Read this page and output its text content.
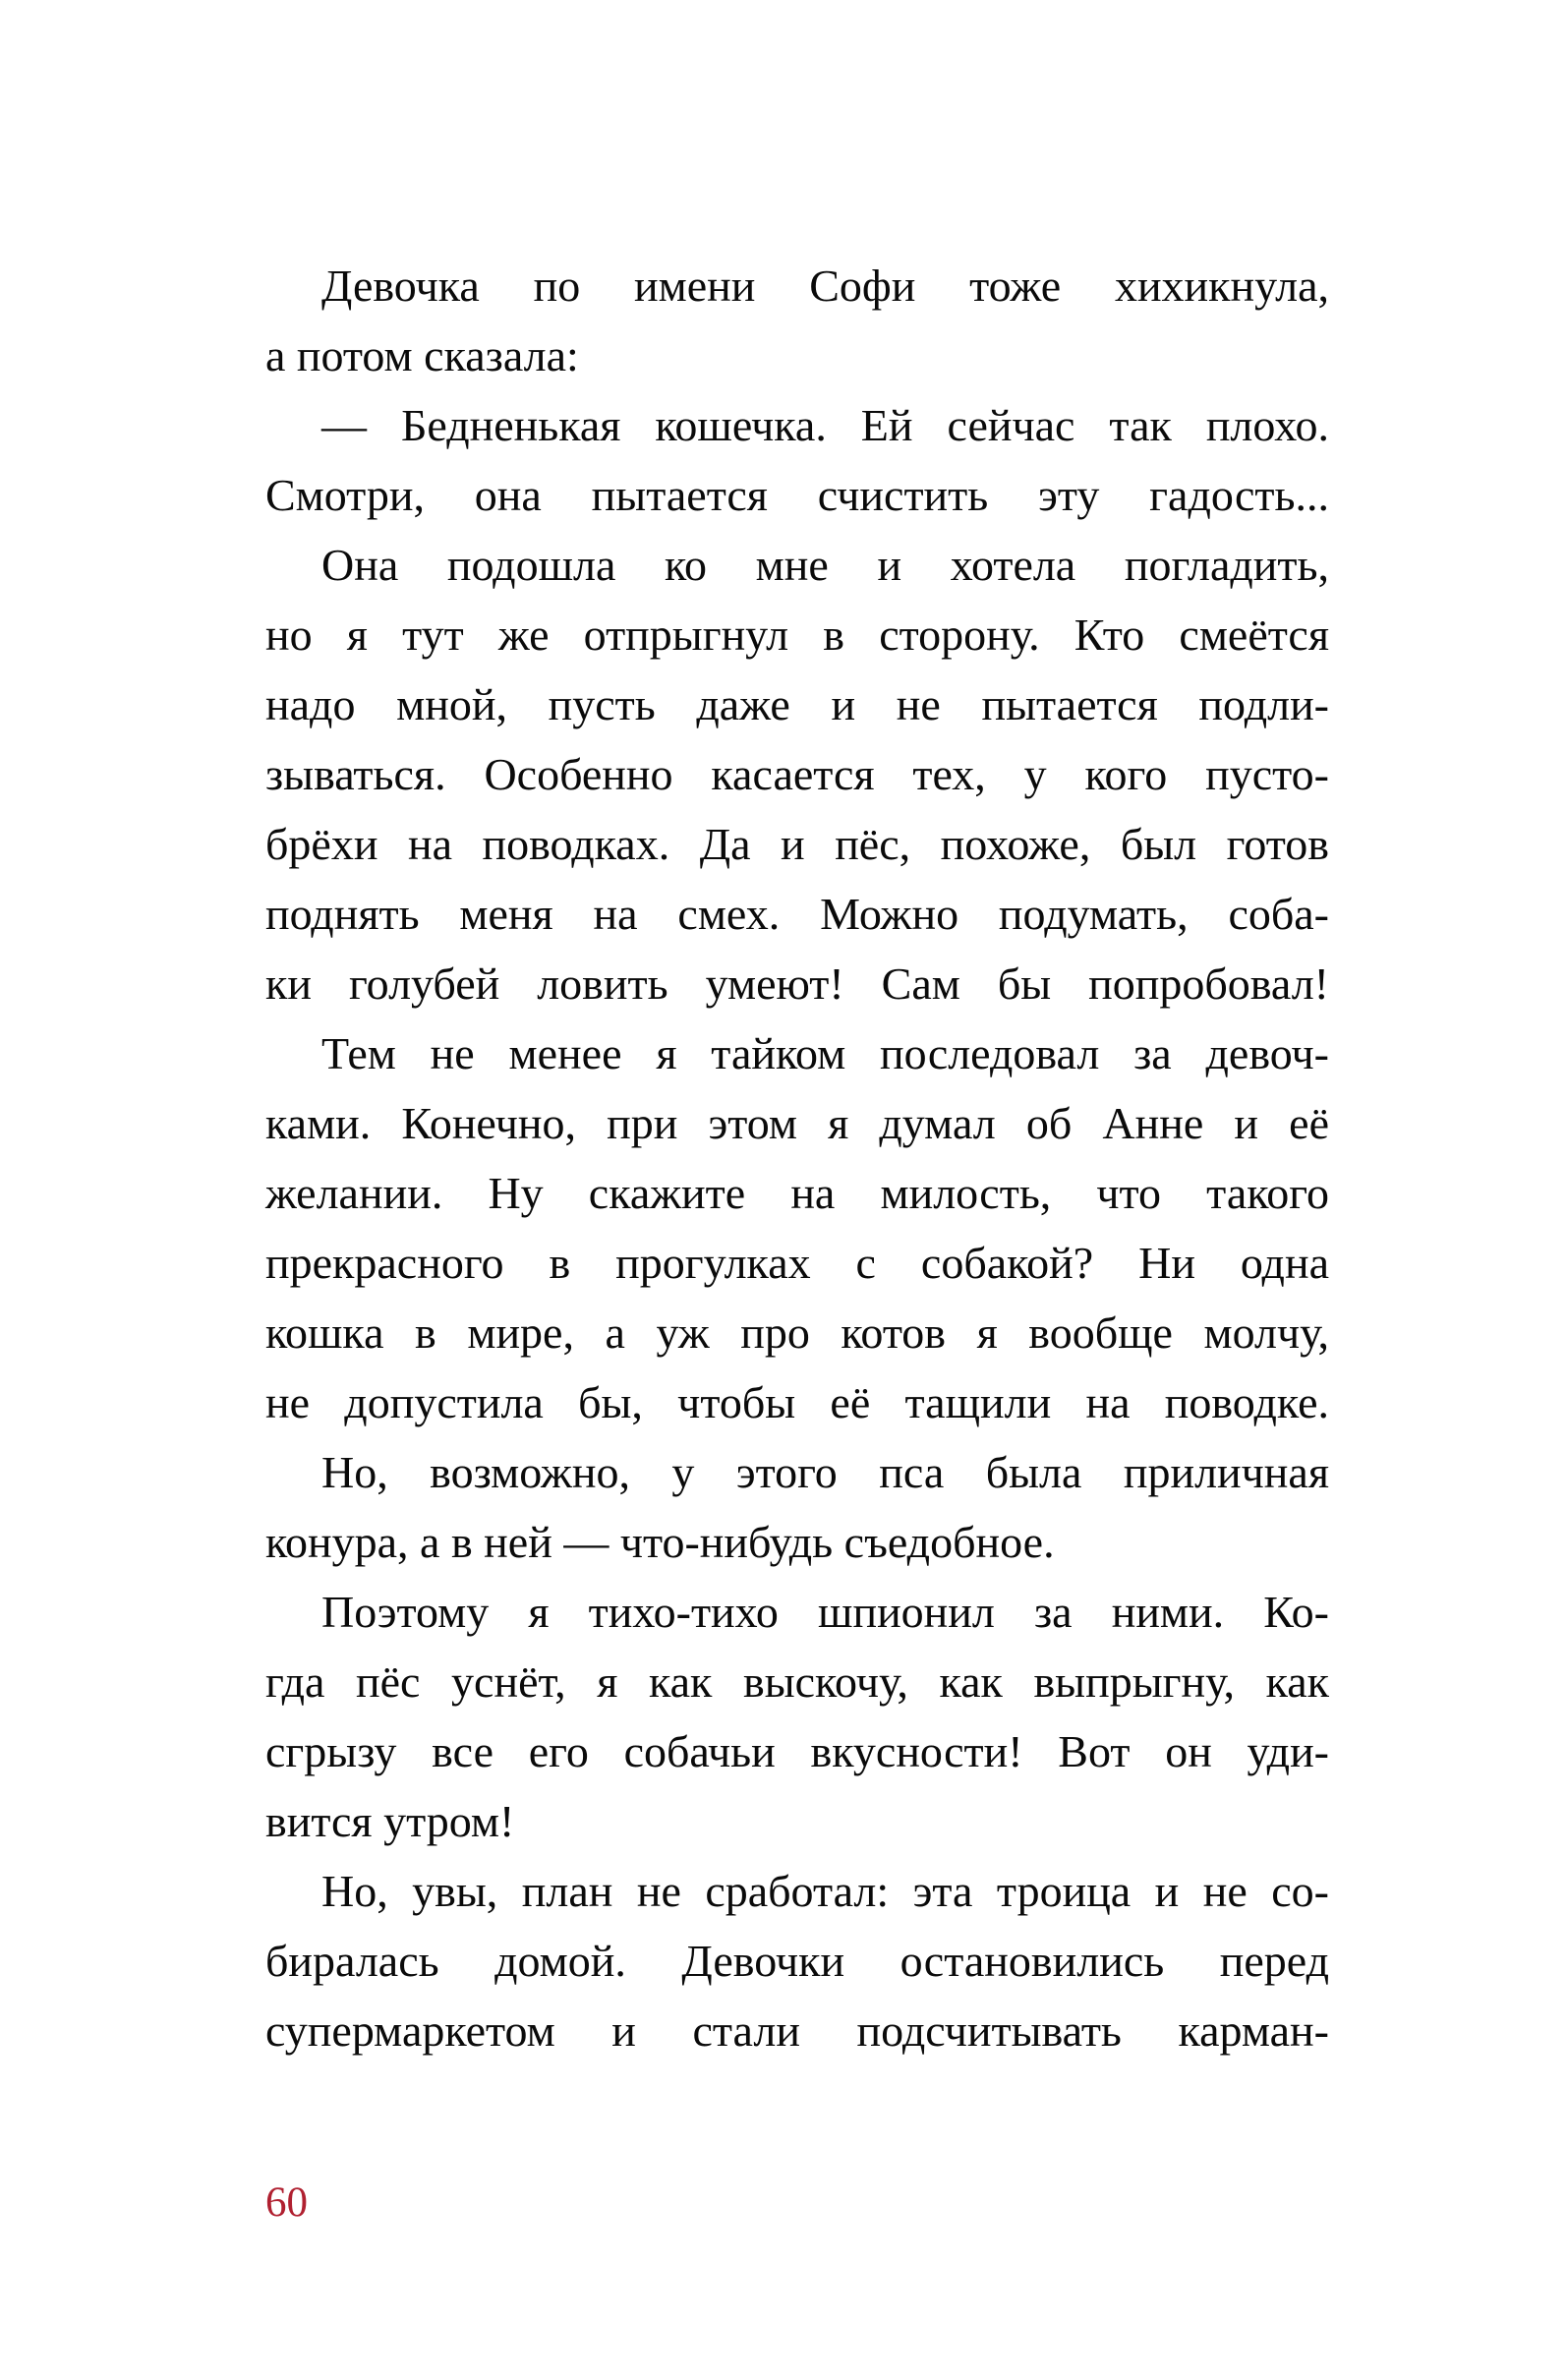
Девочка по имени Софи тоже хихикнула,

а потом сказала:

— Бедненькая кошечка. Ей сейчас так плохо.

Смотри, она пытается счистить эту гадость...

Она подошла ко мне и хотела погладить,

но я тут же отпрыгнул в сторону. Кто смеётся

надо мной, пусть даже и не пытается подли-

зываться. Особенно касается тех, у кого пусто-

брёхи на поводках. Да и пёс, похоже, был готов

поднять меня на смех. Можно подумать, соба-

ки голубей ловить умеют! Сам бы попробовал!

Тем не менее я тайком последовал за девоч-

ками. Конечно, при этом я думал об Анне и её

желании. Ну скажите на милость, что такого

прекрасного в прогулках с собакой? Ни одна

кошка в мире, а уж про котов я вообще молчу,

не допустила бы, чтобы её тащили на поводке.

Но, возможно, у этого пса была приличная

конура, а в ней — что-нибудь съедобное.

Поэтому я тихо-тихо шпионил за ними. Ко-

гда пёс уснёт, я как выскочу, как выпрыгну, как

сгрызу все его собачьи вкусности! Вот он уди-

вится утром!

Но, увы, план не сработал: эта троица и не со-

биралась домой. Девочки остановились перед

супермаркетом и стали подсчитывать карман-

60
